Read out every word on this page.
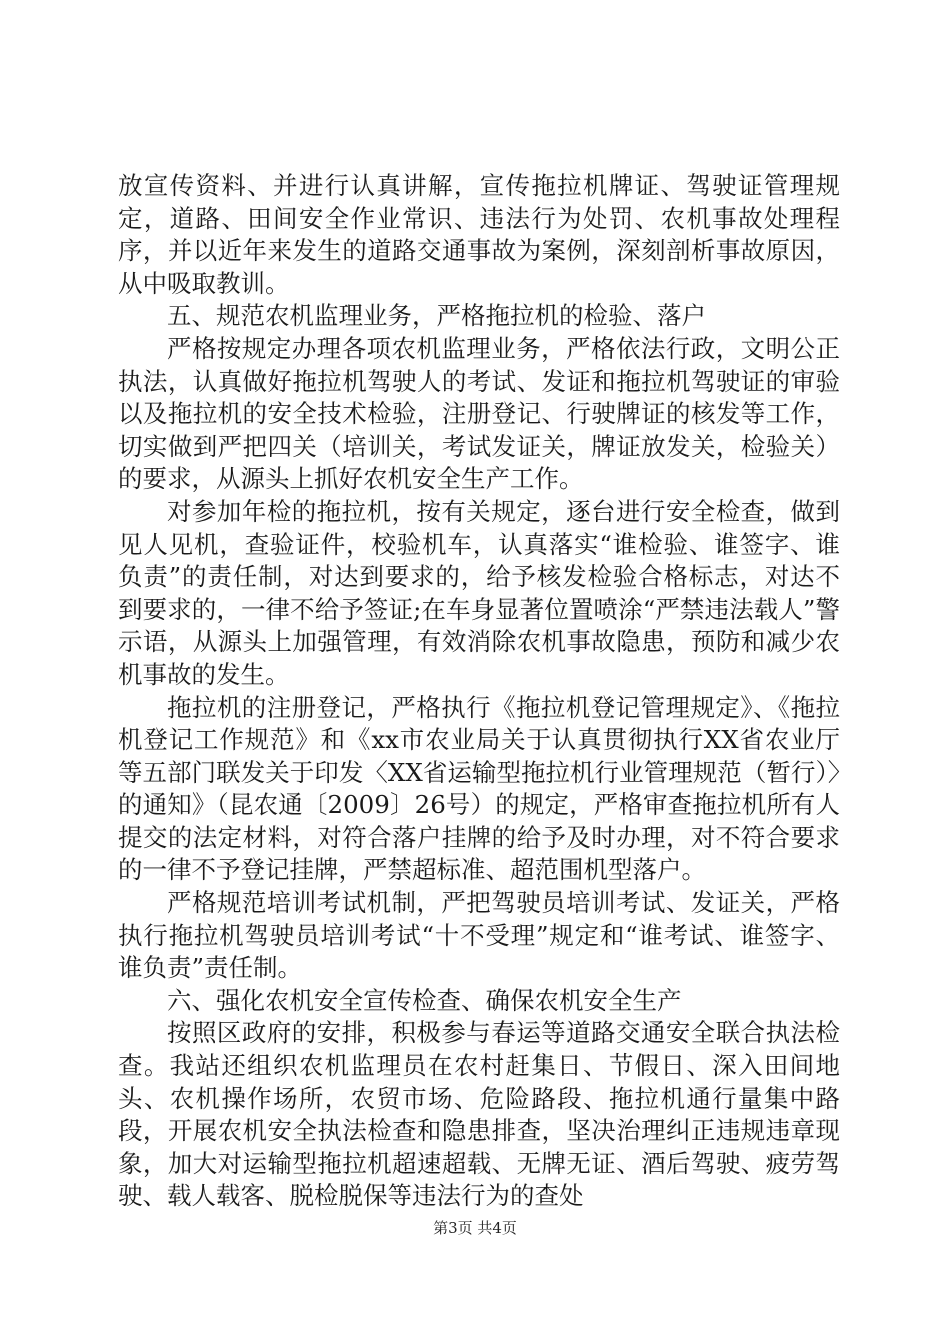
放宣传资料、并进行认真讲解，宣传拖拉机牌证、驾驶证管理规定，道路、田间安全作业常识、违法行为处罚、农机事故处理程序，并以近年来发生的道路交通事故为案例，深刻剖析事故原因，从中吸取教训。

五、规范农机监理业务，严格拖拉机的检验、落户

严格按规定办理各项农机监理业务，严格依法行政，文明公正执法，认真做好拖拉机驾驶人的考试、发证和拖拉机驾驶证的审验以及拖拉机的安全技术检验，注册登记、行驶牌证的核发等工作，切实做到严把四关（培训关，考试发证关，牌证放发关，检验关）的要求，从源头上抓好农机安全生产工作。

对参加年检的拖拉机，按有关规定，逐台进行安全检查，做到见人见机，查验证件，校验机车，认真落实“谁检验、谁签字、谁负责”的责任制，对达到要求的，给予核发检验合格标志，对达不到要求的，一律不给予签证;在车身显著位置喷涂“严禁违法载人”警示语，从源头上加强管理，有效消除农机事故隐患，预防和减少农机事故的发生。

拖拉机的注册登记，严格执行《拖拉机登记管理规定》、《拖拉机登记工作规范》和《xx市农业局关于认真贯彻执行XX省农业厅等五部门联发关于印发〈XX省运输型拖拉机行业管理规范（暂行）〉的通知》（昆农通〔2009〕26号）的规定，严格审查拖拉机所有人提交的法定材料，对符合落户挂牌的给予及时办理，对不符合要求的一律不予登记挂牌，严禁超标准、超范围机型落户。

严格规范培训考试机制，严把驾驶员培训考试、发证关，严格执行拖拉机驾驶员培训考试“十不受理”规定和“谁考试、谁签字、谁负责”责任制。

六、强化农机安全宣传检查、确保农机安全生产

按照区政府的安排，积极参与春运等道路交通安全联合执法检查。我站还组织农机监理员在农村赶集日、节假日、深入田间地头、农机操作场所，农贸市场、危险路段、拖拉机通行量集中路段，开展农机安全执法检查和隐患排查，坚决治理纠正违规违章现象，加大对运输型拖拉机超速超载、无牌无证、酒后驾驶、疲劳驾驶、载人载客、脱检脱保等违法行为的查处

第3页 共4页
